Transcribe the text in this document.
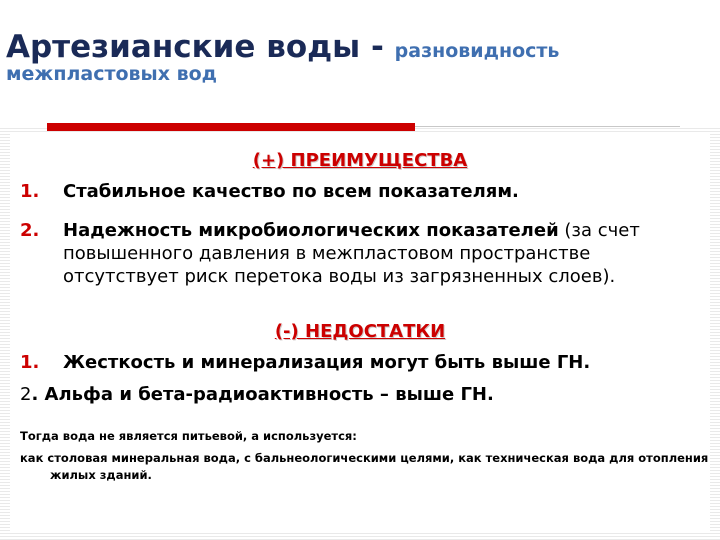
Артезианские воды - разновидность межпластовых вод
(+) ПРЕИМУЩЕСТВА
1. Стабильное качество по всем показателям.
2. Надежность микробиологических показателей (за счет повышенного давления в межпластовом пространстве отсутствует риск перетока воды из загрязненных слоев).
(-) НЕДОСТАТКИ
1. Жесткость и минерализация могут быть выше ГН.
2. Альфа и бета-радиоактивность – выше ГН.
Тогда вода не является питьевой, а используется:
как столовая минеральная вода, с бальнеологическими целями, как техническая вода для отопления жилых зданий.
